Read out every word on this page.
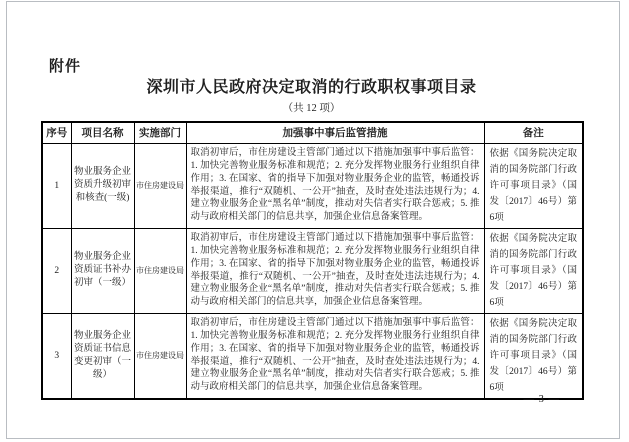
附件
深圳市人民政府决定取消的行政职权事项目录
（共 12 项）
序号	项目名称	实施部门	加强事中事后监管措施	备注
1	物业服务企业资质升级初审和核查(一级)	市住房建设局	取消初审后，市住房建设主管部门通过以下措施加强事中事后监管：1. 加快完善物业服务标准和规范；2. 充分发挥物业服务行业组织自律作用；3. 在国家、省的指导下加强对物业服务企业的监管，畅通投诉举报渠道，推行“双随机、一公开”抽查，及时查处违法违规行为；4. 建立物业服务企业“黑名单”制度，推动对失信者实行联合惩戒；5. 推动与政府相关部门的信息共享，加强企业信息备案管理。	依据《国务院决定取消的国务院部门行政许可事项目录》（国发〔2017〕46号）第6项
2	物业服务企业资质证书补办初审（一级）	市住房建设局	取消初审后，市住房建设主管部门通过以下措施加强事中事后监管：1. 加快完善物业服务标准和规范；2. 充分发挥物业服务行业组织自律作用；3. 在国家、省的指导下加强对物业服务企业的监管，畅通投诉举报渠道，推行“双随机、一公开”抽查，及时查处违法违规行为；4. 建立物业服务企业“黑名单”制度，推动对失信者实行联合惩戒；5. 推动与政府相关部门的信息共享，加强企业信息备案管理。	依据《国务院决定取消的国务院部门行政许可事项目录》（国发〔2017〕46号）第6项
3	物业服务企业资质证书信息变更初审（一级）	市住房建设局	取消初审后，市住房建设主管部门通过以下措施加强事中事后监管：1. 加快完善物业服务标准和规范；2. 充分发挥物业服务行业组织自律作用；3. 在国家、省的指导下加强对物业服务企业的监管，畅通投诉举报渠道，推行“双随机、一公开”抽查，及时查处违法违规行为；4. 建立物业服务企业“黑名单”制度，推动对失信者实行联合惩戒；5. 推动与政府相关部门的信息共享，加强企业信息备案管理。	依据《国务院决定取消的国务院部门行政许可事项目录》（国发〔2017〕46号）第6项
— 3 —
